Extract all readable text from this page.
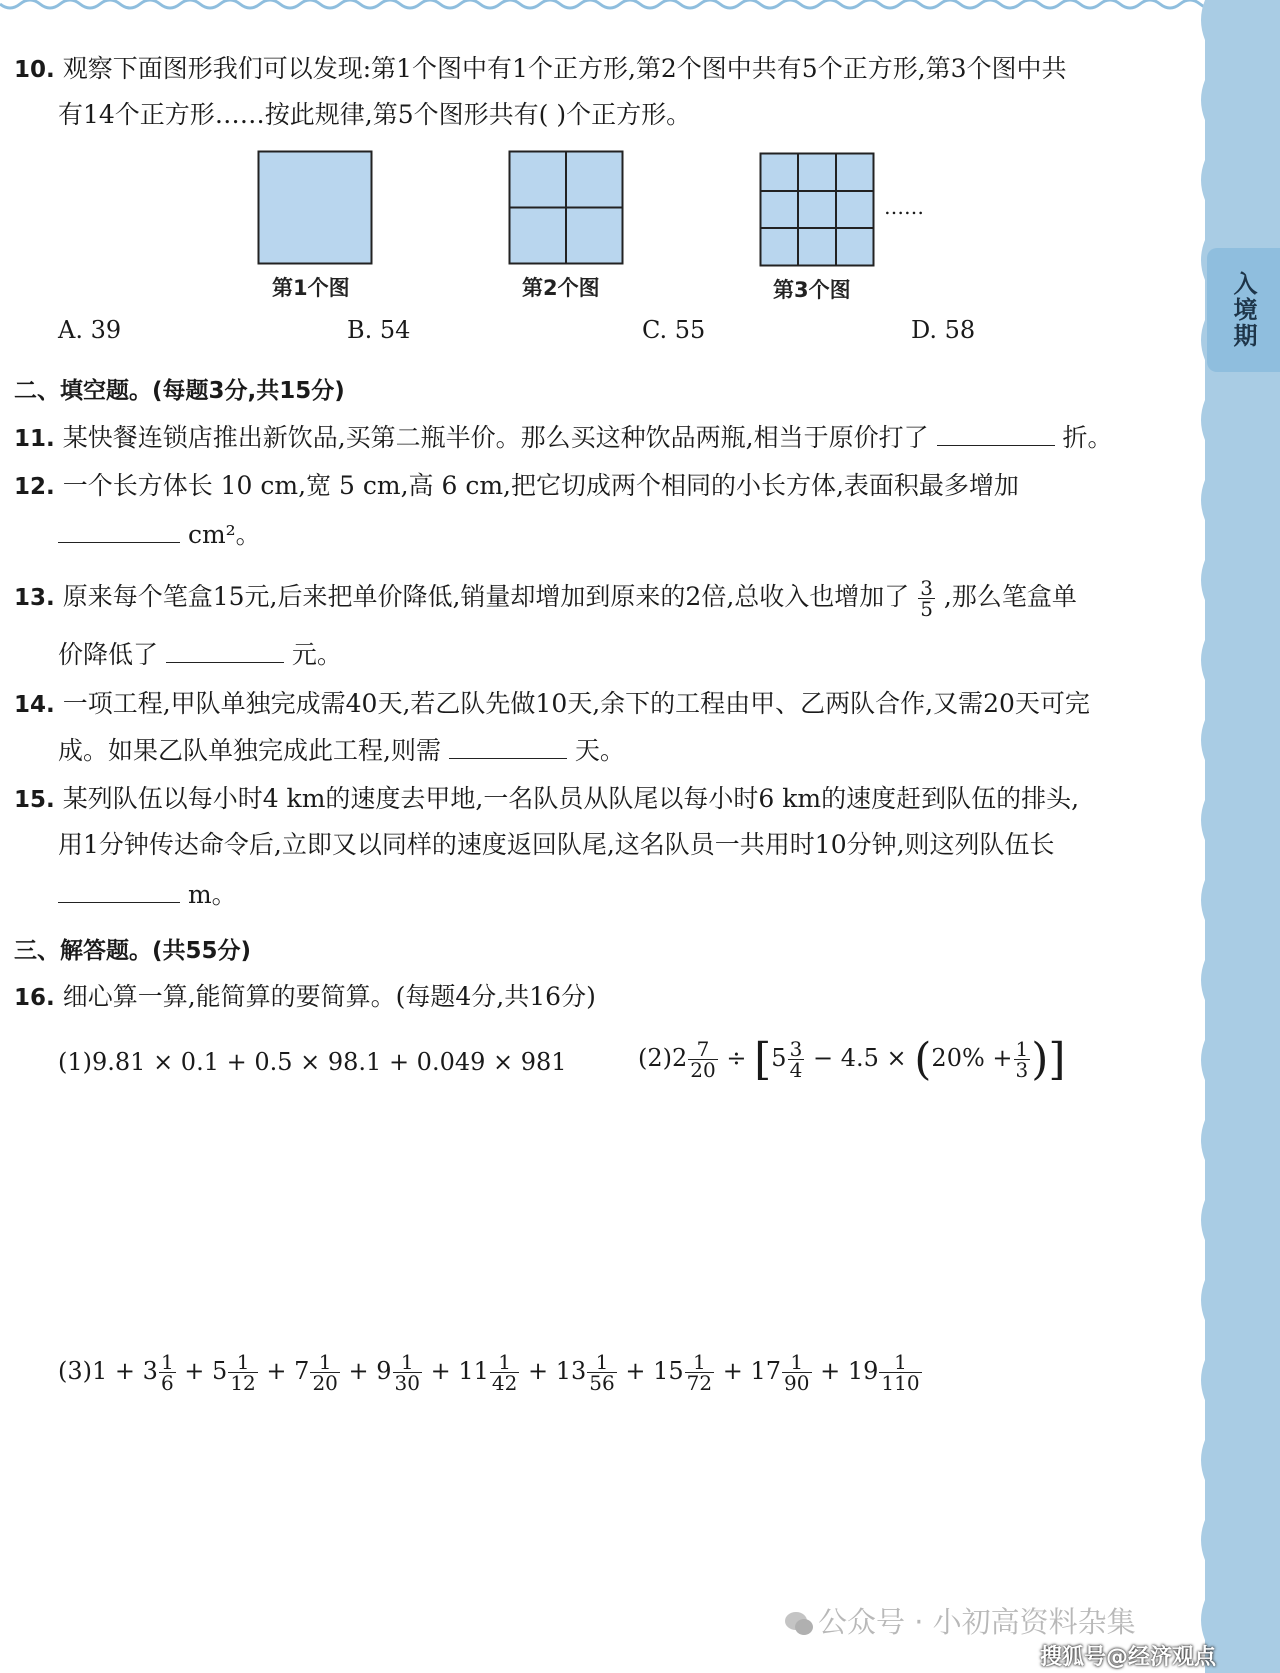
入境期
10. 观察下面图形我们可以发现:第1个图中有1个正方形,第2个图中共有5个正方形,第3个图中共
有14个正方形……按此规律,第5个图形共有( )个正方形。
……
第1个图	第2个图	第3个图
A. 39	B. 54	C. 55	D. 58
二、填空题。(每题3分,共15分)
11. 某快餐连锁店推出新饮品,买第二瓶半价。那么买这种饮品两瓶,相当于原价打了	折。
12. 一个长方体长 10 cm,宽 5 cm,高 6 cm,把它切成两个相同的小长方体,表面积最多增加
cm²。
13. 原来每个笔盒15元,后来把单价降低,销量却增加到原来的2倍,总收入也增加了 $\frac{3}{5}$ ,那么笔盒单
价降低了	元。
14. 一项工程,甲队单独完成需40天,若乙队先做10天,余下的工程由甲、乙两队合作,又需20天可完
成。如果乙队单独完成此工程,则需	天。
15. 某列队伍以每小时4 km的速度去甲地,一名队员从队尾以每小时6 km的速度赶到队伍的排头,
用1分钟传达命令后,立即又以同样的速度返回队尾,这名队员一共用时10分钟,则这列队伍长
m。
三、解答题。(共55分)
16. 细心算一算,能简算的要简算。(每题4分,共16分)
(1)9.81 × 0.1 + 0.5 × 98.1 + 0.049 × 981	$(2)2 \frac{7}{20} \div [5 \frac{3}{4} - 4.5 \times (20\% + \frac{1}{3}$ )]
$(3)1 + 3 \frac{1}{6} + 5 \frac{1}{12} + 7 \frac{1}{20} + 9 \frac{1}{30} + 11 \frac{1}{42} + 13 \frac{1}{56} + 15 \frac{1}{72} + 17 \frac{1}{90} + 19 \frac{1}{110}$
公众号 · 小初高资料杂集
搜狐号@经济观点
